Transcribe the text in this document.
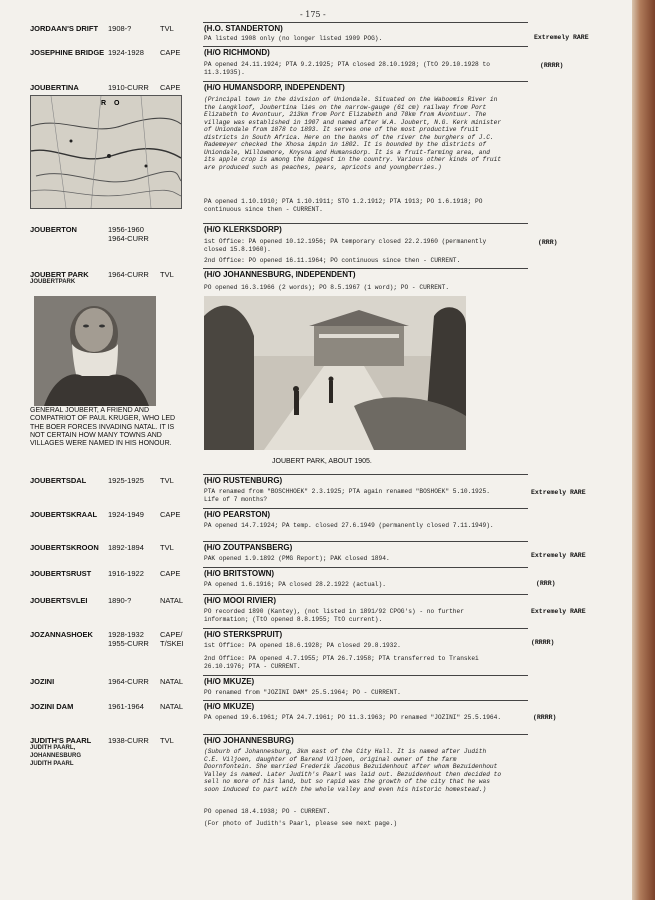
- 175 -
JORDAAN'S DRIFT	1908-?	TVL	(H.O. STANDERTON)
PA listed 1908 only (no longer listed 1909 POG).	Extremely RARE
JOSEPHINE BRIDGE 1924-1928 CAPE	(H/O RICHMOND)
PA opened 24.11.1924; PTA 9.2.1925; PTA closed 28.10.1928; (TtO 29.10.1928 to 11.3.1935).
(RRRR)
JOUBERTINA	1910-CURR CAPE	(H/O HUMANSDORP, INDEPENDENT)
(Principal town in the division of Uniondale. Situated on the Waboomis River in the Langkloof, Joubertina lies on the narrow-gauge (61 cm) railway from Port Elizabeth to Avontuur, 213km from Port Elizabeth and 70km from Avontuur. The village was established in 1907 and named after W.A. Joubert, N.G. Kerk minister of Uniondale from 1878 to 1893. It serves one of the most productive fruit districts in South Africa. Here on the banks of the river the burghers of J.C. Rademeyer checked the Xhosa impin in 1802. It is bounded by the districts of Uniondale, Willowmore, Knysna and Humansdorp. It is a fruit-farming area, and its apple crop is among the biggest in the country. Various other kinds of fruit are produced such as peaches, pears, apricots and youngberries.)
PA opened 1.10.1910; PTA 1.10.1911; STO 1.2.1912; PTA 1913; PO 1.6.1918; PO continuous since then - CURRENT.
R O
JOUBERTON	1956-1960
1964-CURR
(H/O KLERKSDORP)
1st Office: PA opened 10.12.1956; PA temporary closed 22.2.1960 (permanently closed 15.8.1960).
2nd Office: PO opened 16.11.1964; PO continuous since then - CURRENT.
(RRR)
JOUBERT PARK
JOUBERTPARK
1964-CURR TVL	(H/O JOHANNESBURG, INDEPENDENT)
PO opened 16.3.1966 (2 words); PO 8.5.1967 (1 word); PO - CURRENT.
GENERAL JOUBERT, A FRIEND AND COMPATRIOT OF PAUL KRUGER, WHO LED THE BOER FORCES INVADING NATAL. IT IS NOT CERTAIN HOW MANY TOWNS AND VILLAGES WERE NAMED IN HIS HONOUR.
JOUBERT PARK, ABOUT 1905.
JOUBERTSDAL	1925-1925 TVL	(H/O RUSTENBURG)
PTA renamed from "BOSCHHOEK" 2.3.1925; PTA again renamed "BOSHOEK" 5.10.1925. Life of 7 months?
Extremely RARE
JOUBERTSKRAAL	1924-1949 CAPE	(H/O PEARSTON)
PA opened 14.7.1924; PA temp. closed 27.6.1949 (permanently closed 7.11.1949).
JOUBERTSKROON	1892-1894 TVL	(H/O ZOUTPANSBERG)
PAK opened 1.9.1892 (PMG Report); PAK closed 1894.	Extremely RARE
JOUBERTSRUST	1916-1922 CAPE	(H/O BRITSTOWN)
PA opened 1.6.1916; PA closed 28.2.1922 (actual).	(RRR)
JOUBERTSVLEI	1890-?	NATAL	(H/O MOOI RIVIER)
PO recorded 1890 (Kantey), (not listed in 1891/92 CPOG's) - no further information; (TtO opened 8.8.1955; TtO current).
Extremely RARE
JOZANNASHOEK	1928-1932
1955-CURR
CAPE/
T/SKEI
(H/O STERKSPRUIT)
1st Office: PA opened 18.6.1928; PA closed 29.8.1932.
2nd Office: PA opened 4.7.1955; PTA 26.7.1958; PTA transferred to Transkei 26.10.1976; PTA - CURRENT.
(RRRR)
JOZINI	1964-CURR NATAL	(H/O MKUZE)
PO renamed from "JOZINI DAM" 25.5.1964; PO - CURRENT.
JOZINI DAM	1961-1964 NATAL	(H/O MKUZE)
PA opened 19.6.1961; PTA 24.7.1961; PO 11.3.1963; PO renamed "JOZINI" 25.5.1964.	(RRRR)
JUDITH'S PAARL
JUDITH PAARL,
JOHANNESBURG
JUDITH PAARL
1938-CURR TVL	(H/O JOHANNESBURG)
(Suburb of Johannesburg, 3km east of the City Hall. It is named after Judith C.E. Viljoen, daughter of Barend Viljoen, original owner of the farm Doornfontein. She married Frederik Jacobus Bezuidenhout after whom Bezuidenhout Valley is named. Later Judith's Paarl was laid out. Bezuidenhout then decided to sell no more of his land, but so rapid was the growth of the city that he was soon induced to part with the whole valley and even his historic homestead.)
PO opened 18.4.1938; PO - CURRENT.
(For photo of Judith's Paarl, please see next page.)
